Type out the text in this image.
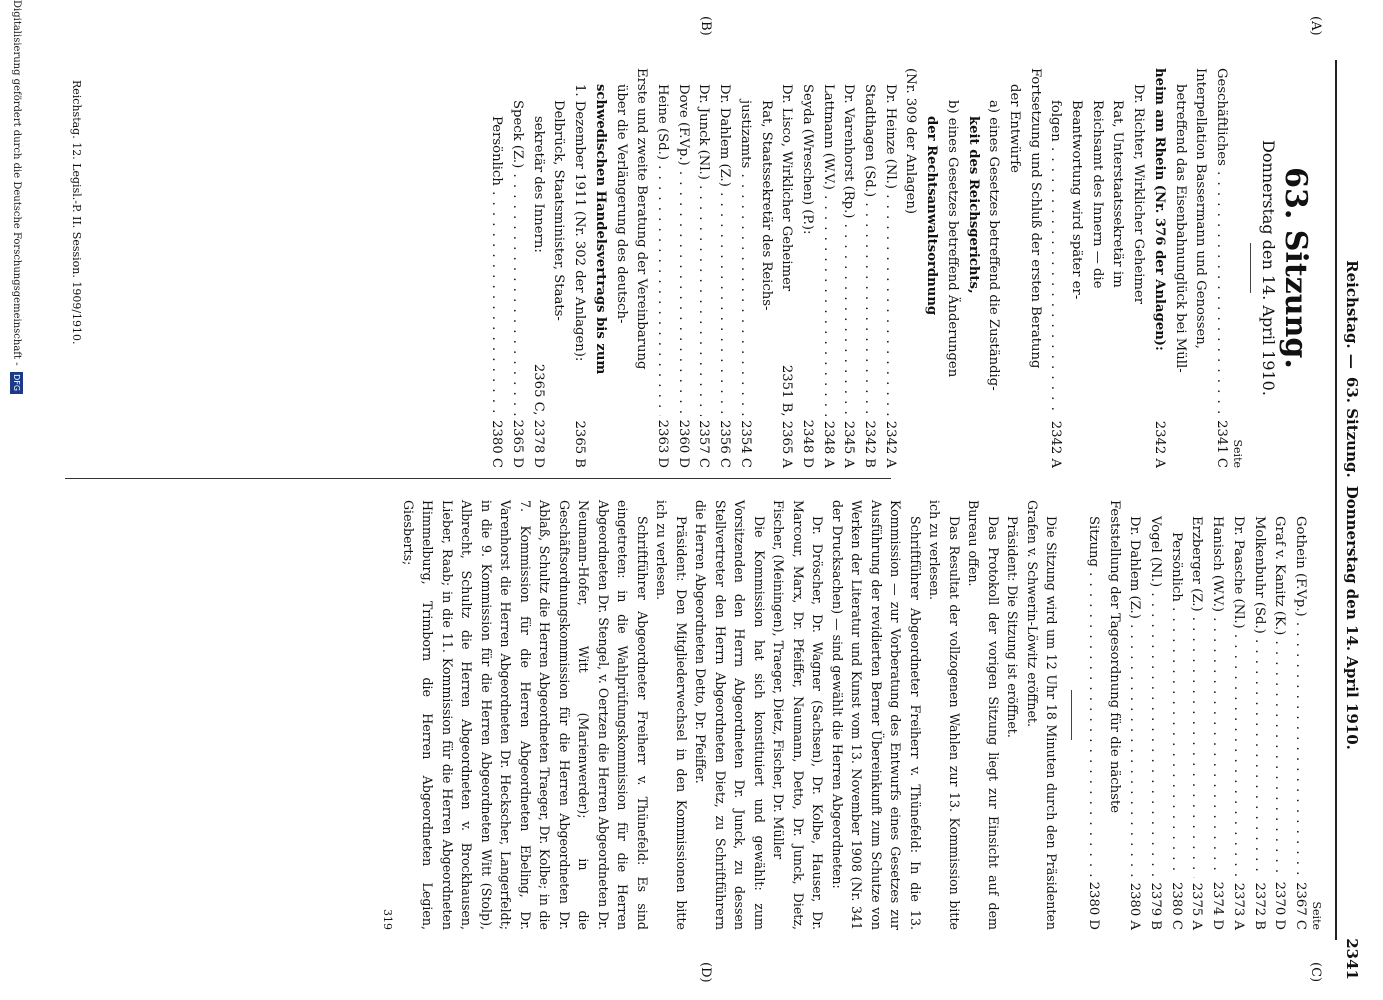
Reichstag. —
63. Sitzung.
Donnerstag den 14. April 1910.
2341
(A)
(B)
(C)
(D)
63. Sitzung.
Donnerstag den 14. April 1910.
Seite
Geschäftliches . . .
2341 C
Interpellation Bassermann und Genossen,
betreffend das Eisenbahnunglück bei Müll-
heim am Rhein (Nr. 376 der Anlagen):
2342 A
Dr. Richter, Wirklicher Geheimer
Rat, Unterstaatssekretär im
Reichsamt des Innern — die
Beantwortung wird später er-
folgen . . .
2342 A
Fortsetzung und Schluß der ersten Beratung
der Entwürfe
a) eines Gesetzes betreffend die Zuständig-
keit des Reichsgerichts,
b) eines Gesetzes betreffend Änderungen
der Rechtsanwaltsordnung
(Nr. 309 der Anlagen)
Dr. Heinze (Nl.) . . .
2342 A
Stadthagen (Sd.) . . .
2342 B
Dr. Varenhorst (Rp.) . . .
2345 A
Lattmann (W.V.) . . .
2348 A
Seyda (Wreschen) (P.):
2348 D
Dr. Lisco, Wirklicher Geheimer
2351 B, 2365 A
Rat, Staatssekretär des Reichs-
justizamts . . .
2354 C
Dr. Dahlem (Z.) . . .
2356 C
Dr. Junck (Nl.) . . .
2357 C
Dove (F.Vp.) . . .
2360 D
Heine (Sd.) . . .
2363 D
Erste und zweite Beratung der Vereinbarung
über die Verlängerung des deutsch-
schwedischen Handelsvertrags bis zum
1. Dezember 1911 (Nr. 302 der Anlagen):
2365 B
Delbrück, Staatsminister, Staats-
sekretär des Innern:
2365 C, 2378 D
Speck (Z.) . . .
2365 D
Persönlich . . .
2380 C
Seite
Gothein (F.Vp.) . . .
2367 C
Graf v. Kanitz (K.) . . .
2370 D
Molkenbuhr (Sd.) . . .
2372 B
Dr. Paasche (Nl.) . . .
2373 A
Hanisch (W.V.) . . .
2374 D
Erzberger (Z.) . . .
2375 A
Persönlich . . .
2380 C
Vogel (Nl.) . . .
2379 B
Dr. Dahlem (Z.) . . .
2380 A
Feststellung der Tagesordnung für die nächste
Sitzung . . .
2380 D

Die Sitzung wird um 12 Uhr 18 Minuten durch den Präsidenten Grafen v. Schwerin-Löwitz eröffnet.

Präsident: Die Sitzung ist eröffnet.

Das Protokoll der vorigen Sitzung liegt zur Einsicht auf dem Bureau offen.

Das Resultat der vollzogenen Wahlen zur 13. Kommission bitte ich zu verlesen.

Schriftführer Abgeordneter Freiherr v. Thünefeld: In die 13. Kommission — zur Vorberatung des Entwurfs eines Gesetzes zur Ausführung der revidierten Berner Übereinkunft zum Schutze von Werken der Literatur und Kunst vom 13. November 1908 (Nr. 341 der Drucksachen) — sind gewählt die Herren Abgeordneten:

Dr. Dröscher, Dr. Wagner (Sachsen), Dr. Kolbe, Hauser, Dr. Marcour, Marx, Dr. Pfeiffer, Naumann, Detto, Dr. Junck, Dietz, Fischer, (Meiningen), Traeger, Dietz, Fischer, Dr. Müller

Die Kommission hat sich konstituiert und gewählt: zum Vorsitzenden den Herrn Abgeordneten Dr. Junck, zu dessen Stellvertreter den Herrn Abgeordneten Dietz, zu Schriftführern die Herren Abgeordneten Detto, Dr. Pfeiffer.

Präsident: Den Mitgliederwechsel in den Kommissionen bitte ich zu verlesen.

Schriftführer Abgeordneter Freiherr v. Thünefeld: Es sind eingetreten: in die Wahlprüfungskommission für die Herren Abgeordneten Dr. Stengel, v. Oertzen die Herren Abgeordneten Dr. Neumann-Hofer, Witt (Marienwerder); in die Geschäftsordnungskommission für die Herren Abgeordneten Dr. Ablaß, Schultz die Herren Abgeordneten Traeger, Dr. Kolbe; in die 7. Kommission für die Herren Abgeordneten Ebeling, Dr. Varenhorst die Herren Abgeordneten Dr. Heckscher, Langerfeldt; in die 9. Kommission für die Herren Abgeordneten Witt (Stolp), Albrecht, Schultz die Herren Abgeordneten v. Brockhausen, Lieber, Raab; in die 11. Kommission für die Herren Abgeordneten Himmelburg, Trimborn die Herren Abgeordneten Legien, Giesberts;

319
Reichstag. 12. Legisl.-P. II. Session. 1909/1910.
Digitalisierung gefördert durch die Deutsche Forschungsgemeinschaft -
DFG
